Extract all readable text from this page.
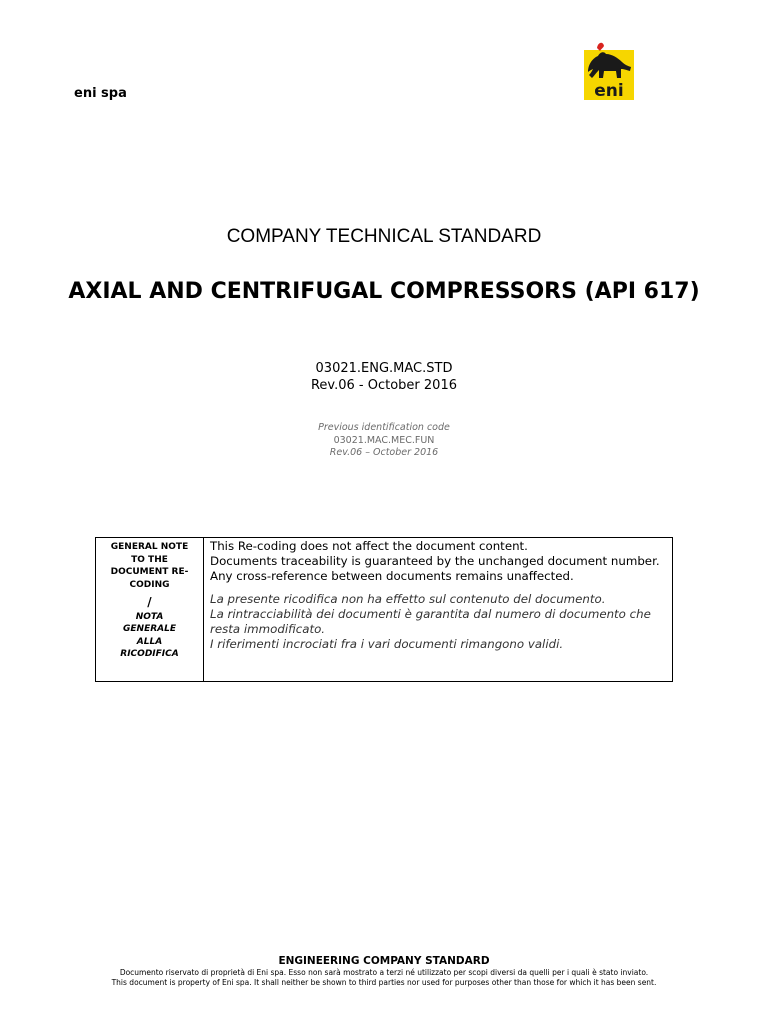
eni spa	eni
COMPANY TECHNICAL STANDARD
AXIAL AND CENTRIFUGAL COMPRESSORS (API 617)
03021.ENG.MAC.STD
Rev.06 - October 2016
Previous identification code
03021.MAC.MEC.FUN
Rev.06 – October 2016
GENERAL NOTE
TO THE
DOCUMENT RE-
CODING
/
NOTA
GENERALE
ALLA
RICODIFICA
This Re-coding does not affect the document content.
Documents traceability is guaranteed by the unchanged document number.
Any cross-reference between documents remains unaffected.
La presente ricodifica non ha effetto sul contenuto del documento.
La rintracciabilità dei documenti è garantita dal numero di documento che resta immodificato.
I riferimenti incrociati fra i vari documenti rimangono validi.
ENGINEERING COMPANY STANDARD
Documento riservato di proprietà di Eni spa. Esso non sarà mostrato a terzi né utilizzato per scopi diversi da quelli per i quali è stato inviato.
This document is property of Eni spa. It shall neither be shown to third parties nor used for purposes other than those for which it has been sent.
